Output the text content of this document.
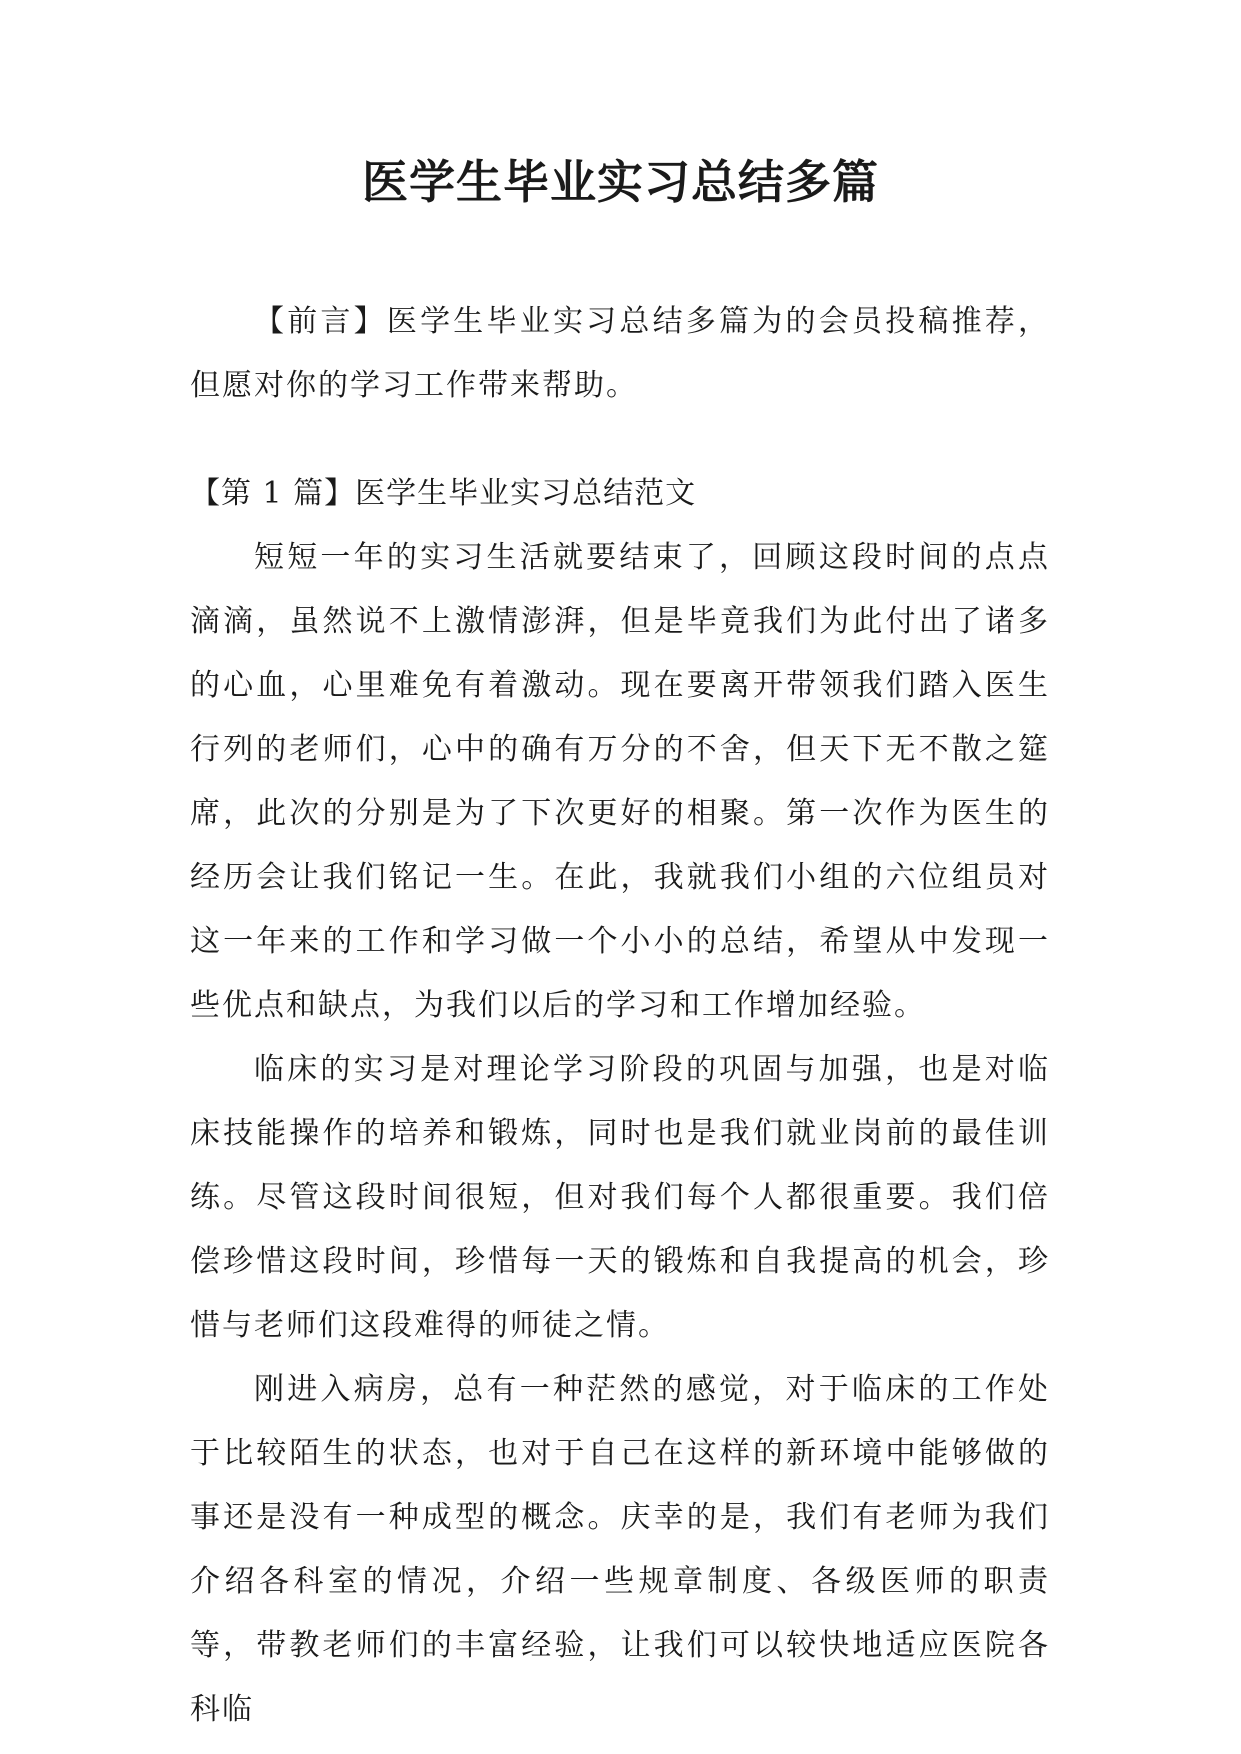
医学生毕业实习总结多篇

【前言】医学生毕业实习总结多篇为的会员投稿推荐，但愿对你的学习工作带来帮助。

【第 1 篇】医学生毕业实习总结范文

短短一年的实习生活就要结束了，回顾这段时间的点点滴滴，虽然说不上激情澎湃，但是毕竟我们为此付出了诸多的心血，心里难免有着激动。现在要离开带领我们踏入医生行列的老师们，心中的确有万分的不舍，但天下无不散之筵席，此次的分别是为了下次更好的相聚。第一次作为医生的经历会让我们铭记一生。在此，我就我们小组的六位组员对这一年来的工作和学习做一个小小的总结，希望从中发现一些优点和缺点，为我们以后的学习和工作增加经验。

临床的实习是对理论学习阶段的巩固与加强，也是对临床技能操作的培养和锻炼，同时也是我们就业岗前的最佳训练。尽管这段时间很短，但对我们每个人都很重要。我们倍偿珍惜这段时间，珍惜每一天的锻炼和自我提高的机会，珍惜与老师们这段难得的师徒之情。

刚进入病房，总有一种茫然的感觉，对于临床的工作处于比较陌生的状态，也对于自己在这样的新环境中能够做的事还是没有一种成型的概念。庆幸的是，我们有老师为我们介绍各科室的情况，介绍一些规章制度、各级医师的职责等，带教老师们的丰富经验，让我们可以较快地适应医院各科临
